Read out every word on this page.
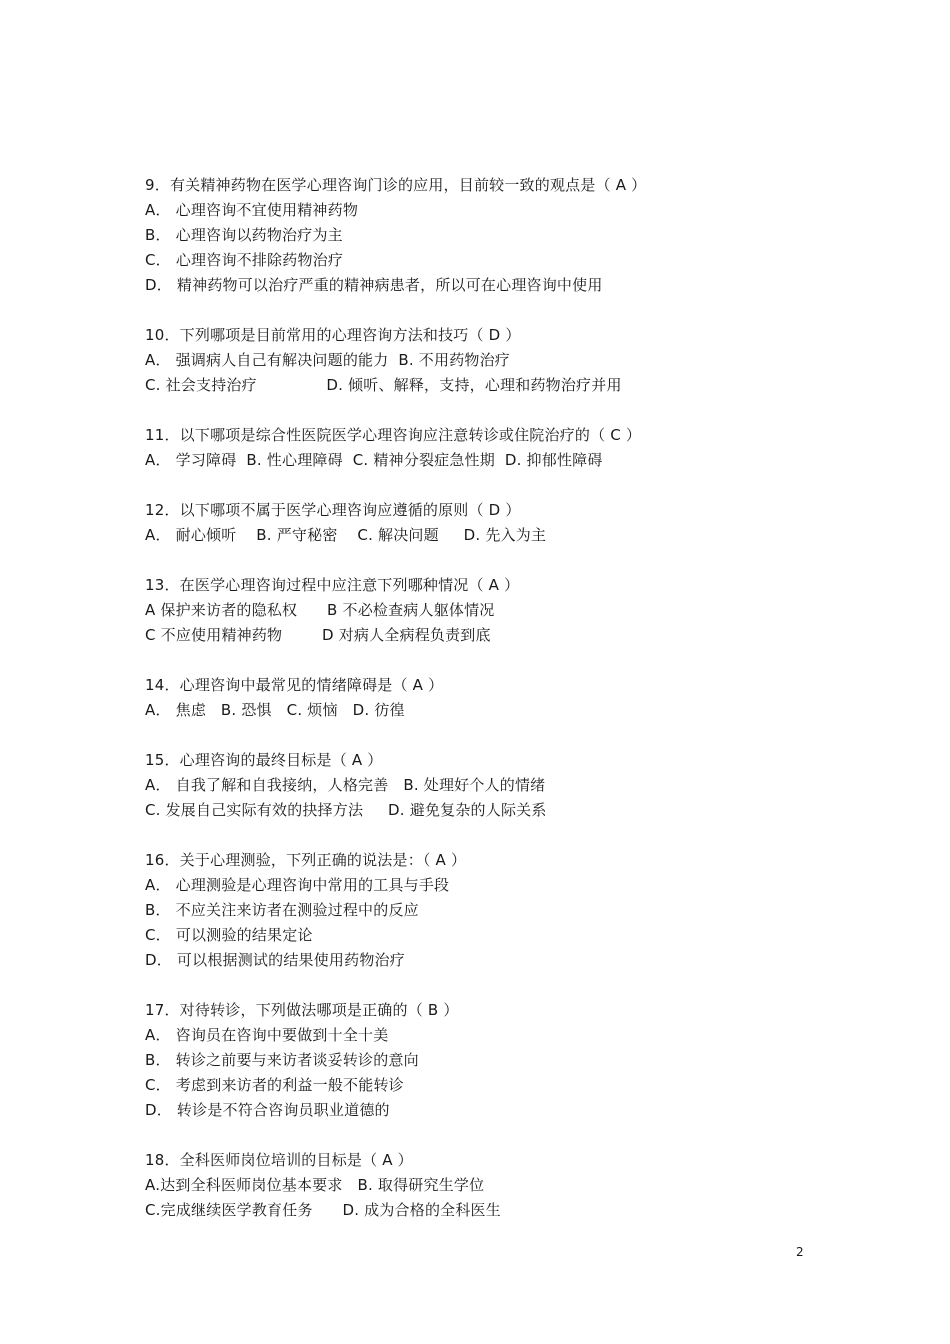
9．有关精神药物在医学心理咨询门诊的应用，目前较一致的观点是（ A ）
A． 心理咨询不宜使用精神药物
B． 心理咨询以药物治疗为主
C． 心理咨询不排除药物治疗
D． 精神药物可以治疗严重的精神病患者，所以可在心理咨询中使用
10．下列哪项是目前常用的心理咨询方法和技巧（ D ）
A． 强调病人自己有解决问题的能力  B. 不用药物治疗
C. 社会支持治疗              D. 倾听、解释，支持，心理和药物治疗并用
11．以下哪项是综合性医院医学心理咨询应注意转诊或住院治疗的（ C ）
A． 学习障碍  B. 性心理障碍  C. 精神分裂症急性期  D. 抑郁性障碍
12．以下哪项不属于医学心理咨询应遵循的原则（ D ）
A． 耐心倾听    B. 严守秘密    C. 解决问题     D. 先入为主
13．在医学心理咨询过程中应注意下列哪种情况（ A ）
A 保护来访者的隐私权      B 不必检查病人躯体情况
C 不应使用精神药物        D 对病人全病程负责到底
14．心理咨询中最常见的情绪障碍是（ A ）
A． 焦虑   B. 恐惧   C. 烦恼   D. 彷徨
15．心理咨询的最终目标是（ A ）
A． 自我了解和自我接纳，人格完善   B. 处理好个人的情绪
C. 发展自己实际有效的抉择方法     D. 避免复杂的人际关系
16．关于心理测验，下列正确的说法是：（ A ）
A． 心理测验是心理咨询中常用的工具与手段
B． 不应关注来访者在测验过程中的反应
C． 可以测验的结果定论
D． 可以根据测试的结果使用药物治疗
17．对待转诊，下列做法哪项是正确的（ B ）
A． 咨询员在咨询中要做到十全十美
B． 转诊之前要与来访者谈妥转诊的意向
C． 考虑到来访者的利益一般不能转诊
D． 转诊是不符合咨询员职业道德的
18．全科医师岗位培训的目标是（ A ）
A.达到全科医师岗位基本要求   B. 取得研究生学位
C.完成继续医学教育任务      D. 成为合格的全科医生
2
